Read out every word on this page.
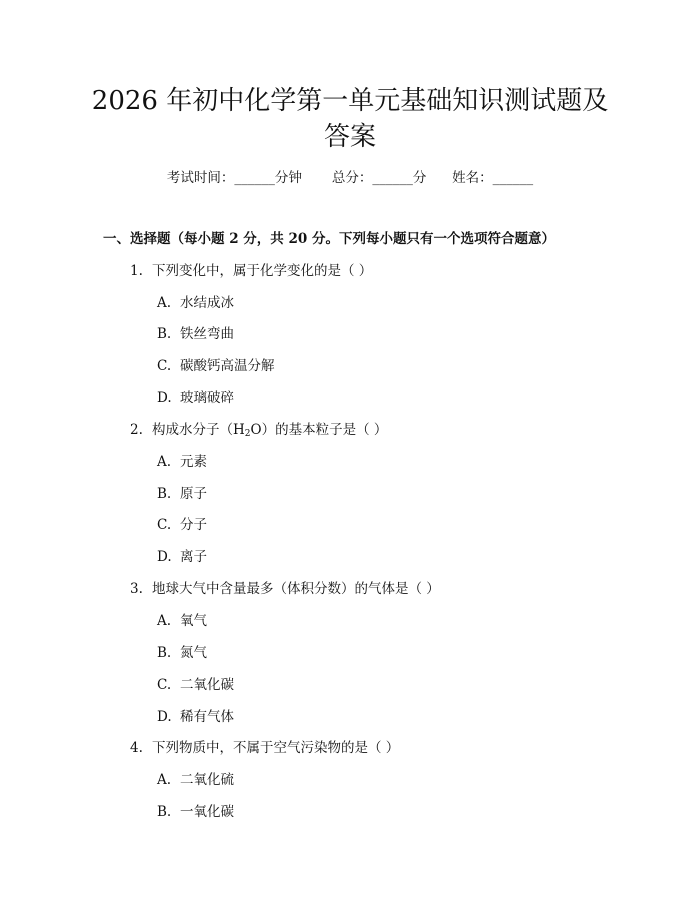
2026 年初中化学第一单元基础知识测试题及
答案
考试时间：______分钟 总分：______分 姓名：______
一、选择题（每小题 2 分，共 20 分。下列每小题只有一个选项符合题意）
1. 下列变化中，属于化学变化的是（ ）
A. 水结成冰
B. 铁丝弯曲
C. 碳酸钙高温分解
D. 玻璃破碎
2. 构成水分子$(H_2O)$的基本粒子是（ ）
A. 元素
B. 原子
C. 分子
D. 离子
3. 地球大气中含量最多（体积分数）的气体是（ ）
A. 氧气
B. 氮气
C. 二氧化碳
D. 稀有气体
4. 下列物质中，不属于空气污染物的是（ ）
A. 二氧化硫
B. 一氧化碳
